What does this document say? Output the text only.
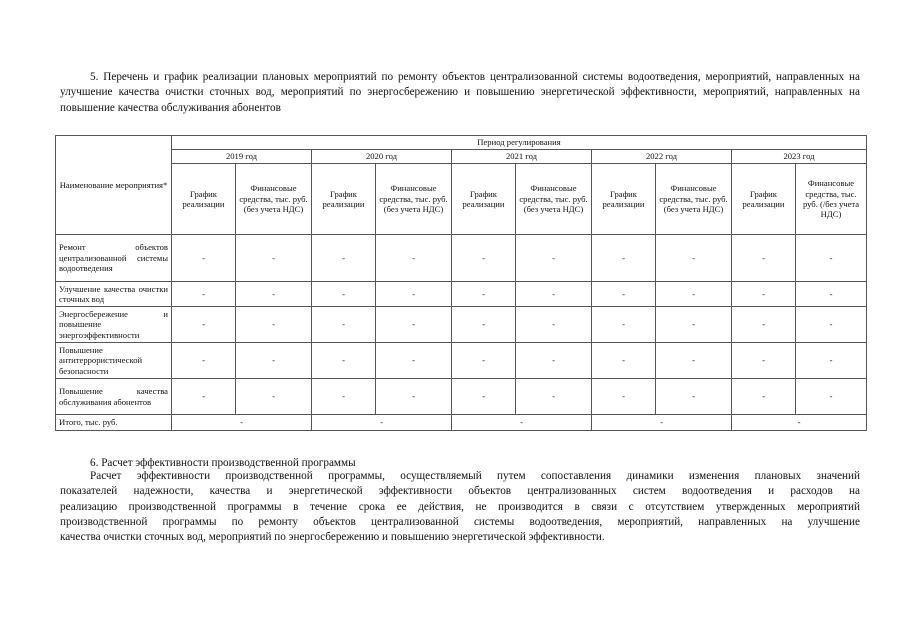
5. Перечень и график реализации плановых мероприятий по ремонту объектов централизованной системы водоотведения, мероприятий, направленных на улучшение качества очистки сточных вод, мероприятий по энергосбережению и повышению энергетической эффективности, мероприятий, направленных на повышение качества обслуживания абонентов

Наименование мероприятия*	Период регулирования									
	2019 год		2020 год		2021 год		2022 год		2023 год	
	График реализации	Финансовые средства, тыс. руб. (без учета НДС)	График реализации	Финансовые средства, тыс. руб. (без учета НДС)	График реализации	Финансовые средства, тыс. руб. (без учета НДС)	График реализации	Финансовые средства, тыс. руб. (без учета НДС)	График реализации	Финансовые средства, тыс. руб. (/без учета НДС)
Ремонт объектов централизованной системы водоотведения	-	-	-	-	-	-	-	-	-	-
Улучшение качества очистки сточных вод	-	-	-	-	-	-	-	-	-	-
Энергосбережение и повышение энергоэффективности	-	-	-	-	-	-	-	-	-	-
Повышение антитеррористической безопасности	-	-	-	-	-	-	-	-	-	-
Повышение качества обслуживания абонентов	-	-	-	-	-	-	-	-	-	-
Итого, тыс. руб.	-		-		-		-		-	

6. Расчет эффективности производственной программы

Расчет эффективности производственной программы, осуществляемый путем сопоставления динамики изменения плановых значений
показателей надежности, качества и энергетической эффективности объектов централизованных систем водоотведения и расходов на
реализацию производственной программы в течение срока ее действия, не производится в связи с отсутствием утвержденных мероприятий
производственной программы по ремонту объектов централизованной системы водоотведения, мероприятий, направленных на улучшение
качества очистки сточных вод, мероприятий по энергосбережению и повышению энергетической эффективности.
